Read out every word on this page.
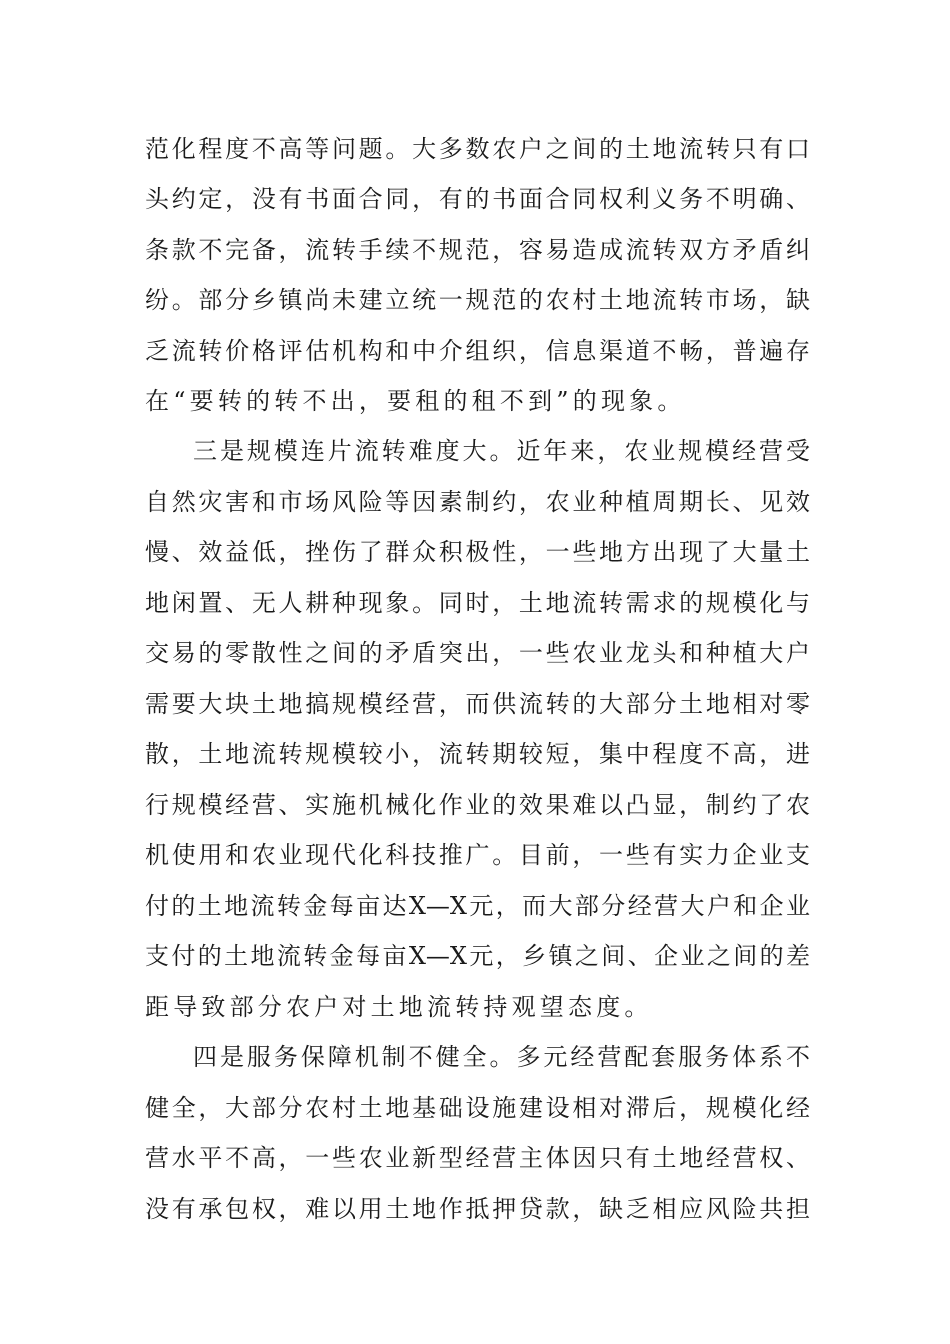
范化程度不高等问题。大多数农户之间的土地流转只有口
头约定，没有书面合同，有的书面合同权利义务不明确、
条款不完备，流转手续不规范，容易造成流转双方矛盾纠
纷。部分乡镇尚未建立统一规范的农村土地流转市场，缺
乏流转价格评估机构和中介组织，信息渠道不畅，普遍存
在“要转的转不出，要租的租不到”的现象。
三是规模连片流转难度大。近年来，农业规模经营受
自然灾害和市场风险等因素制约，农业种植周期长、见效
慢、效益低，挫伤了群众积极性，一些地方出现了大量土
地闲置、无人耕种现象。同时，土地流转需求的规模化与
交易的零散性之间的矛盾突出，一些农业龙头和种植大户
需要大块土地搞规模经营，而供流转的大部分土地相对零
散，土地流转规模较小，流转期较短，集中程度不高，进
行规模经营、实施机械化作业的效果难以凸显，制约了农
机使用和农业现代化科技推广。目前，一些有实力企业支
付的土地流转金每亩达X—X元，而大部分经营大户和企业
支付的土地流转金每亩X—X元，乡镇之间、企业之间的差
距导致部分农户对土地流转持观望态度。
四是服务保障机制不健全。多元经营配套服务体系不
健全，大部分农村土地基础设施建设相对滞后，规模化经
营水平不高，一些农业新型经营主体因只有土地经营权、
没有承包权，难以用土地作抵押贷款，缺乏相应风险共担
